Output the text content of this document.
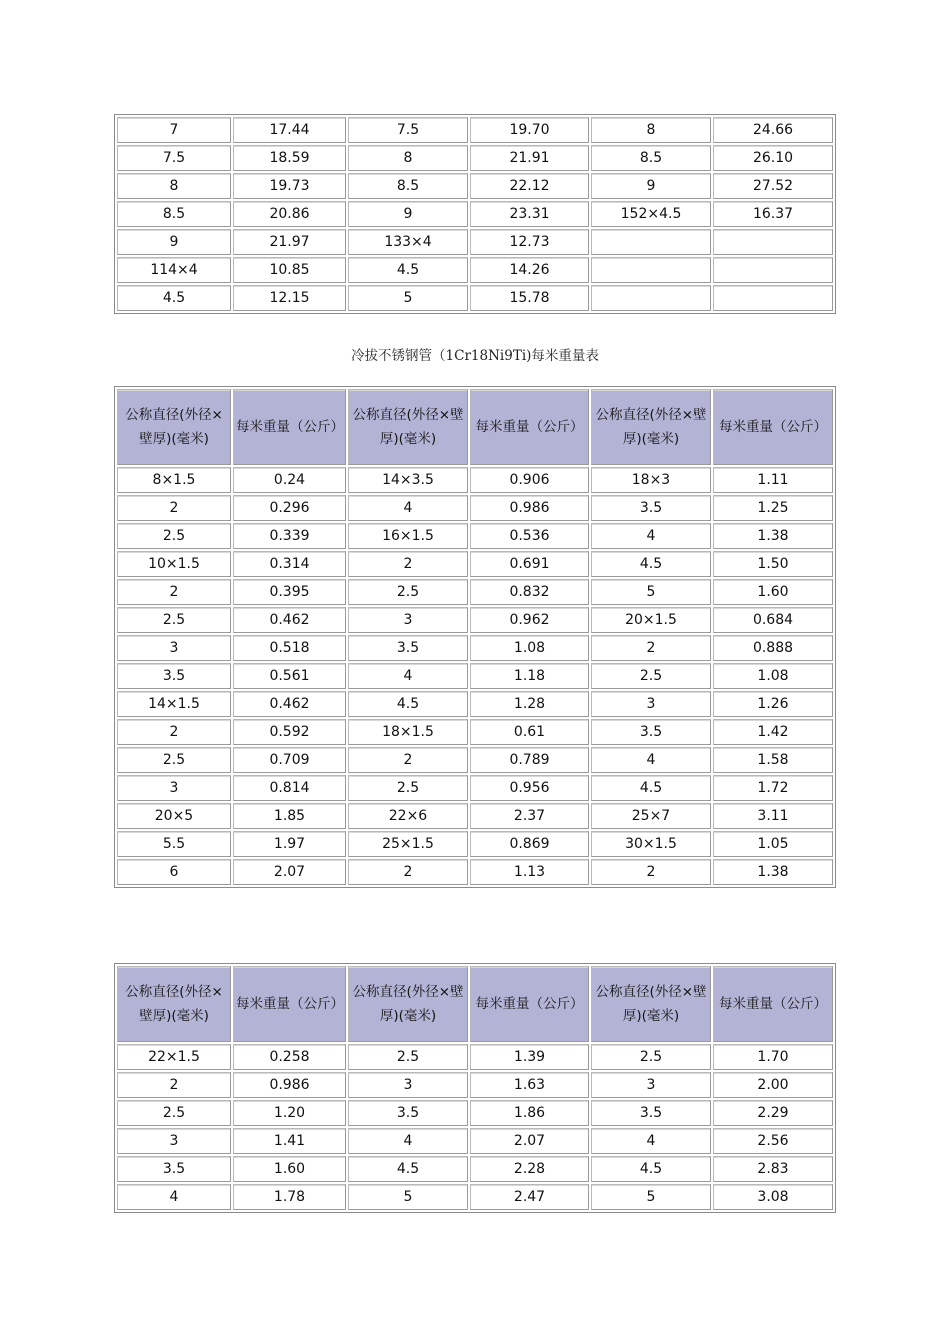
7	17.44	7.5	19.70	8	24.66
7.5	18.59	8	21.91	8.5	26.10
8	19.73	8.5	22.12	9	27.52
8.5	20.86	9	23.31	152×4.5	16.37
9	21.97	133×4	12.73		
114×4	10.85	4.5	14.26		
4.5	12.15	5	15.78		
冷拔不锈钢管（1Cr18Ni9Ti)每米重量表
公称直径(外径×壁厚)(毫米)	每米重量（公斤）	公称直径(外径×壁厚)(毫米)	每米重量（公斤）	公称直径(外径×壁厚)(毫米)	每米重量（公斤）
8×1.5	0.24	14×3.5	0.906	18×3	1.11
2	0.296	4	0.986	3.5	1.25
2.5	0.339	16×1.5	0.536	4	1.38
10×1.5	0.314	2	0.691	4.5	1.50
2	0.395	2.5	0.832	5	1.60
2.5	0.462	3	0.962	20×1.5	0.684
3	0.518	3.5	1.08	2	0.888
3.5	0.561	4	1.18	2.5	1.08
14×1.5	0.462	4.5	1.28	3	1.26
2	0.592	18×1.5	0.61	3.5	1.42
2.5	0.709	2	0.789	4	1.58
3	0.814	2.5	0.956	4.5	1.72
20×5	1.85	22×6	2.37	25×7	3.11
5.5	1.97	25×1.5	0.869	30×1.5	1.05
6	2.07	2	1.13	2	1.38
公称直径(外径×壁厚)(毫米)	每米重量（公斤）	公称直径(外径×壁厚)(毫米)	每米重量（公斤）	公称直径(外径×壁厚)(毫米)	每米重量（公斤）
22×1.5	0.258	2.5	1.39	2.5	1.70
2	0.986	3	1.63	3	2.00
2.5	1.20	3.5	1.86	3.5	2.29
3	1.41	4	2.07	4	2.56
3.5	1.60	4.5	2.28	4.5	2.83
4	1.78	5	2.47	5	3.08
